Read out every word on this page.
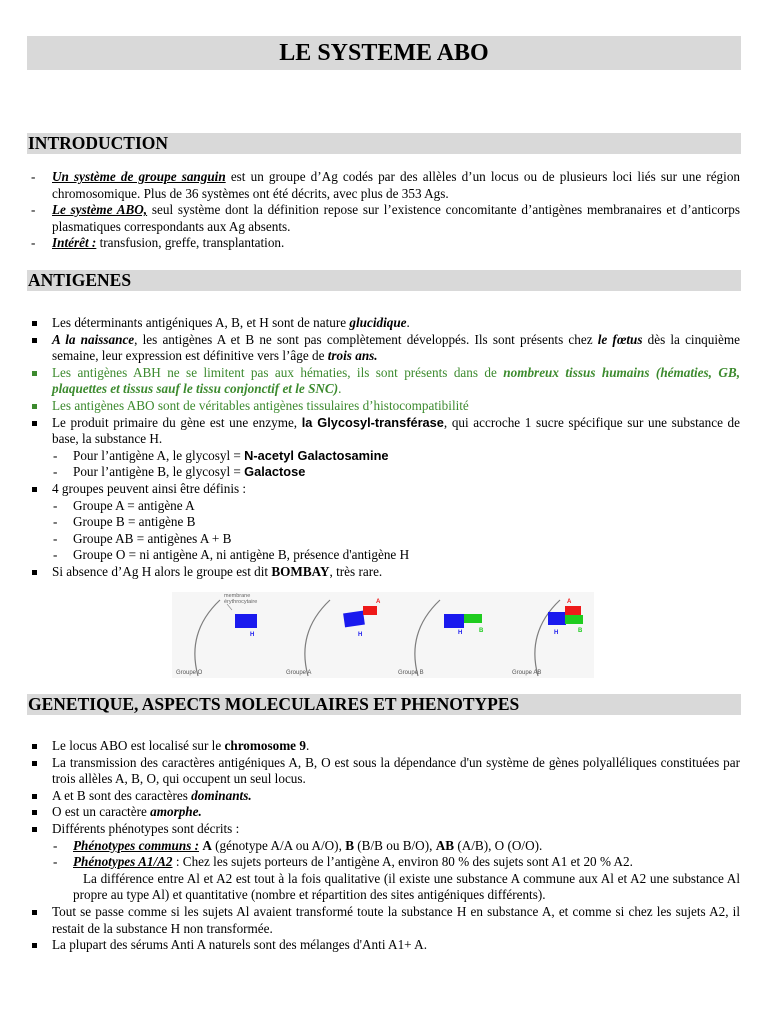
LE SYSTEME ABO
INTRODUCTION
- Un système de groupe sanguin est un groupe d’Ag codés par des allèles d’un locus ou de plusieurs loci liés sur une région chromosomique. Plus de 36 systèmes ont été décrits, avec plus de 353 Ags.
- Le système ABO, seul système dont la définition repose sur l’existence concomitante d’antigènes membranaires et d’anticorps plasmatiques correspondants aux Ag absents.
- Intérêt : transfusion, greffe, transplantation.
ANTIGENES
Les déterminants antigéniques A, B, et H sont de nature glucidique.
A la naissance, les antigènes A et B ne sont pas complètement développés. Ils sont présents chez le fœtus dès la cinquième semaine, leur expression est définitive vers l’âge de trois ans.
Les antigènes ABH ne se limitent pas aux hématies, ils sont présents dans de nombreux tissus humains (hématies, GB, plaquettes et tissus sauf le tissu conjonctif et le SNC).
Les antigènes ABO sont de véritables antigènes tissulaires d’histocompatibilité
Le produit primaire du gène est une enzyme, la Glycosyl-transférase, qui accroche 1 sucre spécifique sur une substance de base, la substance H.
- Pour l’antigène A, le glycosyl = N-acetyl Galactosamine
- Pour l’antigène B, le glycosyl = Galactose
4 groupes peuvent ainsi être définis :
- Groupe A = antigène A
- Groupe B = antigène B
- Groupe AB = antigènes A + B
- Groupe O = ni antigène A, ni antigène B, présence d'antigène H
Si absence d’Ag H alors le groupe est dit BOMBAY, très rare.
membrane
érythrocytaire
H
A
H	H	B
A
H	B
Groupe O	Groupe A	Groupe B	Groupe AB
GENETIQUE, ASPECTS MOLECULAIRES ET PHENOTYPES
Le locus ABO est localisé sur le chromosome 9.
La transmission des caractères antigéniques A, B, O est sous la dépendance d'un système de gènes polyalléliques constituées par trois allèles A, B, O, qui occupent un seul locus.
A et B sont des caractères dominants.
O est un caractère amorphe.
Différents phénotypes sont décrits :
- Phénotypes communs : A (génotype A/A ou A/O), B (B/B ou B/O), AB (A/B), O (O/O).
- Phénotypes A1/A2 : Chez les sujets porteurs de l’antigène A, environ 80 % des sujets sont A1 et 20 % A2.
La différence entre Al et A2 est tout à la fois qualitative (il existe une substance A commune aux Al et A2 une substance Al propre au type Al) et quantitative (nombre et répartition des sites antigéniques différents).
Tout se passe comme si les sujets Al avaient transformé toute la substance H en substance A, et comme si chez les sujets A2, il restait de la substance H non transformée.
La plupart des sérums Anti A naturels sont des mélanges d'Anti A1+ A.
